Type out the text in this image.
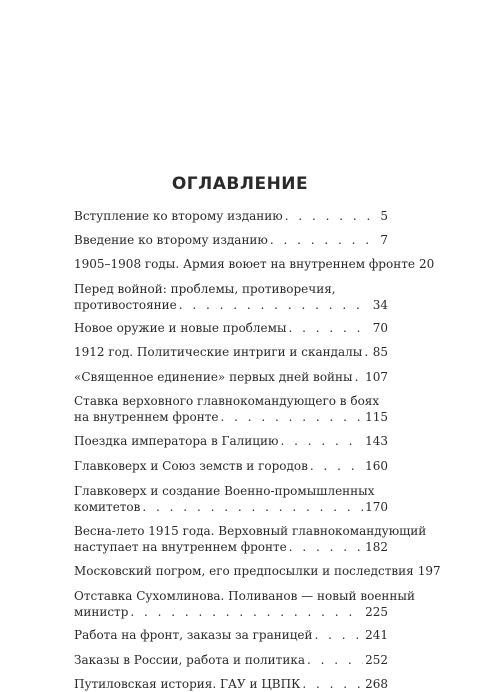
ОГЛАВЛЕНИЕ
Вступление ко второму изданию . . .	5
Введение ко второму изданию . . .	7
1905–1908 годы. Армия воюет на внутреннем фронте 20
Перед войной: проблемы, противоречия,
противостояние . . .	34
Новое оружие и новые проблемы . . .	70
1912 год. Политические интриги и скандалы . . . 85
«Священное единение» первых дней войны . . . 107
Ставка верховного главнокомандующего в боях
на внутреннем фронте . . .	115
Поездка императора в Галицию . . .	143
Главковерх и Союз земств и городов . . .	160
Главковерх и создание Военно-промышленных
комитетов . . .	170
Весна-лето 1915 года. Верховный главнокомандующий
наступает на внутреннем фронте . . .	182
Московский погром, его предпосылки и последствия 197
Отставка Сухомлинова. Поливанов — новый военный
министр . . .	225
Работа на фронт, заказы за границей . . .	241
Заказы в России, работа и политика . . .	252
Путиловская история. ГАУ и ЦВПК . . .	268
